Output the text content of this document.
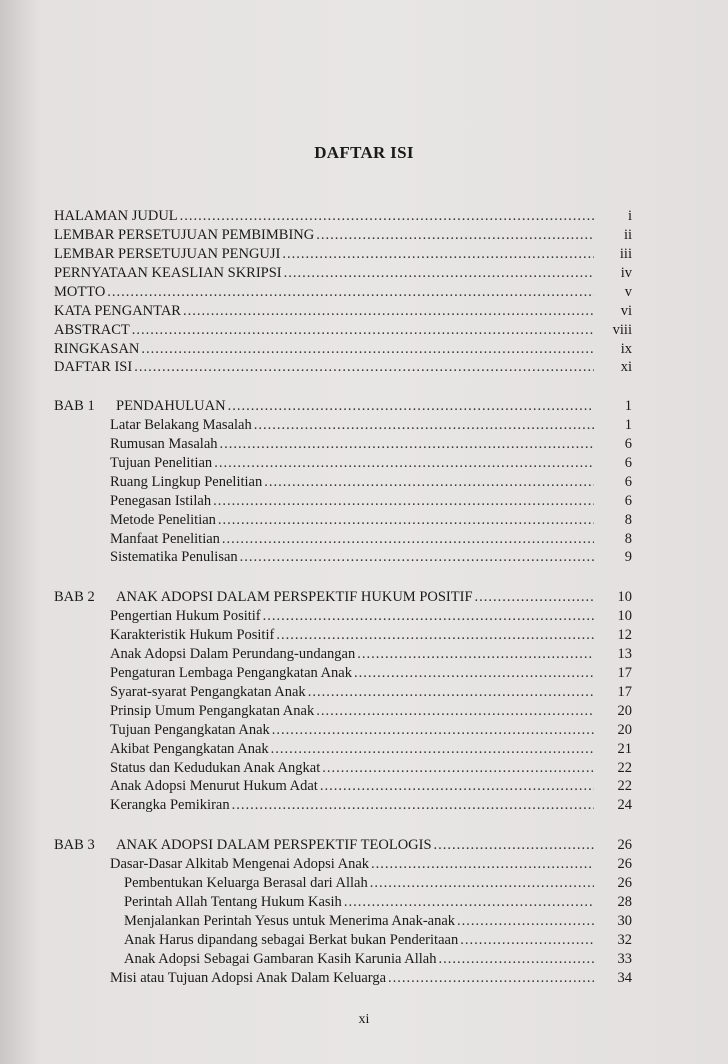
DAFTAR ISI
HALAMAN JUDUL .....	i
LEMBAR PERSETUJUAN PEMBIMBING .....	ii
LEMBAR PERSETUJUAN PENGUJI .....	iii
PERNYATAAN KEASLIAN SKRIPSI .....	iv
MOTTO .....	v
KATA PENGANTAR .....	vi
ABSTRACT .....	viii
RINGKASAN .....	ix
DAFTAR ISI .....	xi
BAB 1	PENDAHULUAN .....	1
Latar Belakang Masalah .....	1
Rumusan Masalah .....	6
Tujuan Penelitian .....	6
Ruang Lingkup Penelitian .....	6
Penegasan Istilah .....	6
Metode Penelitian .....	8
Manfaat Penelitian .....	8
Sistematika Penulisan .....	9
BAB 2	ANAK ADOPSI DALAM PERSPEKTIF HUKUM POSITIF .....	10
Pengertian Hukum Positif .....	10
Karakteristik Hukum Positif .....	12
Anak Adopsi Dalam Perundang-undangan .....	13
Pengaturan Lembaga Pengangkatan Anak .....	17
Syarat-syarat Pengangkatan Anak .....	17
Prinsip Umum Pengangkatan Anak .....	20
Tujuan Pengangkatan Anak .....	20
Akibat Pengangkatan Anak .....	21
Status dan Kedudukan Anak Angkat .....	22
Anak Adopsi Menurut Hukum Adat .....	22
Kerangka Pemikiran .....	24
BAB 3	ANAK ADOPSI DALAM PERSPEKTIF TEOLOGIS .....	26
Dasar-Dasar Alkitab Mengenai Adopsi Anak .....	26
Pembentukan Keluarga Berasal dari Allah .....	26
Perintah Allah Tentang Hukum Kasih .....	28
Menjalankan Perintah Yesus untuk Menerima Anak-anak .....	30
Anak Harus dipandang sebagai Berkat bukan Penderitaan .....	32
Anak Adopsi Sebagai Gambaran Kasih Karunia Allah .....	33
Misi atau Tujuan Adopsi Anak Dalam Keluarga .....	34
xi
